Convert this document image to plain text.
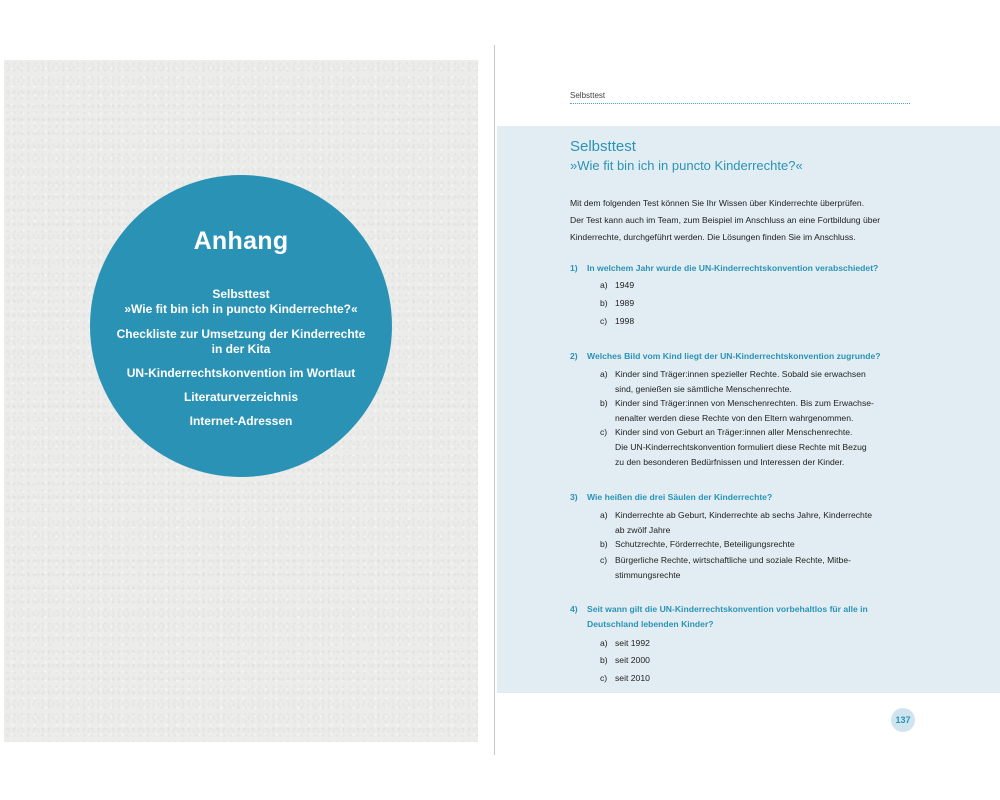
Anhang
Selbsttest
»Wie fit bin ich in puncto Kinderrechte?«
Checkliste zur Umsetzung der Kinderrechte
in der Kita
UN-Kinderrechtskonvention im Wortlaut
Literaturverzeichnis
Internet-Adressen
Selbsttest
Selbsttest
»Wie fit bin ich in puncto Kinderrechte?«
Mit dem folgenden Test können Sie Ihr Wissen über Kinderrechte überprüfen.
Der Test kann auch im Team, zum Beispiel im Anschluss an eine Fortbildung über
Kinderrechte, durchgeführt werden. Die Lösungen finden Sie im Anschluss.
1) In welchem Jahr wurde die UN-Kinderrechtskonvention verabschiedet?
a) 1949
b) 1989
c) 1998
2) Welches Bild vom Kind liegt der UN-Kinderrechtskonvention zugrunde?
a) Kinder sind Träger:innen spezieller Rechte. Sobald sie erwachsen
sind, genießen sie sämtliche Menschenrechte.
b) Kinder sind Träger:innen von Menschenrechten. Bis zum Erwachse-
nenalter werden diese Rechte von den Eltern wahrgenommen.
c) Kinder sind von Geburt an Träger:innen aller Menschenrechte.
Die UN-Kinderrechtskonvention formuliert diese Rechte mit Bezug
zu den besonderen Bedürfnissen und Interessen der Kinder.
3) Wie heißen die drei Säulen der Kinderrechte?
a) Kinderrechte ab Geburt, Kinderrechte ab sechs Jahre, Kinderrechte
ab zwölf Jahre
b) Schutzrechte, Förderrechte, Beteiligungsrechte
c) Bürgerliche Rechte, wirtschaftliche und soziale Rechte, Mitbe-
stimmungsrechte
4) Seit wann gilt die UN-Kinderrechtskonvention vorbehaltlos für alle in Deutschland lebenden Kinder?
a) seit 1992
b) seit 2000
c) seit 2010
137
